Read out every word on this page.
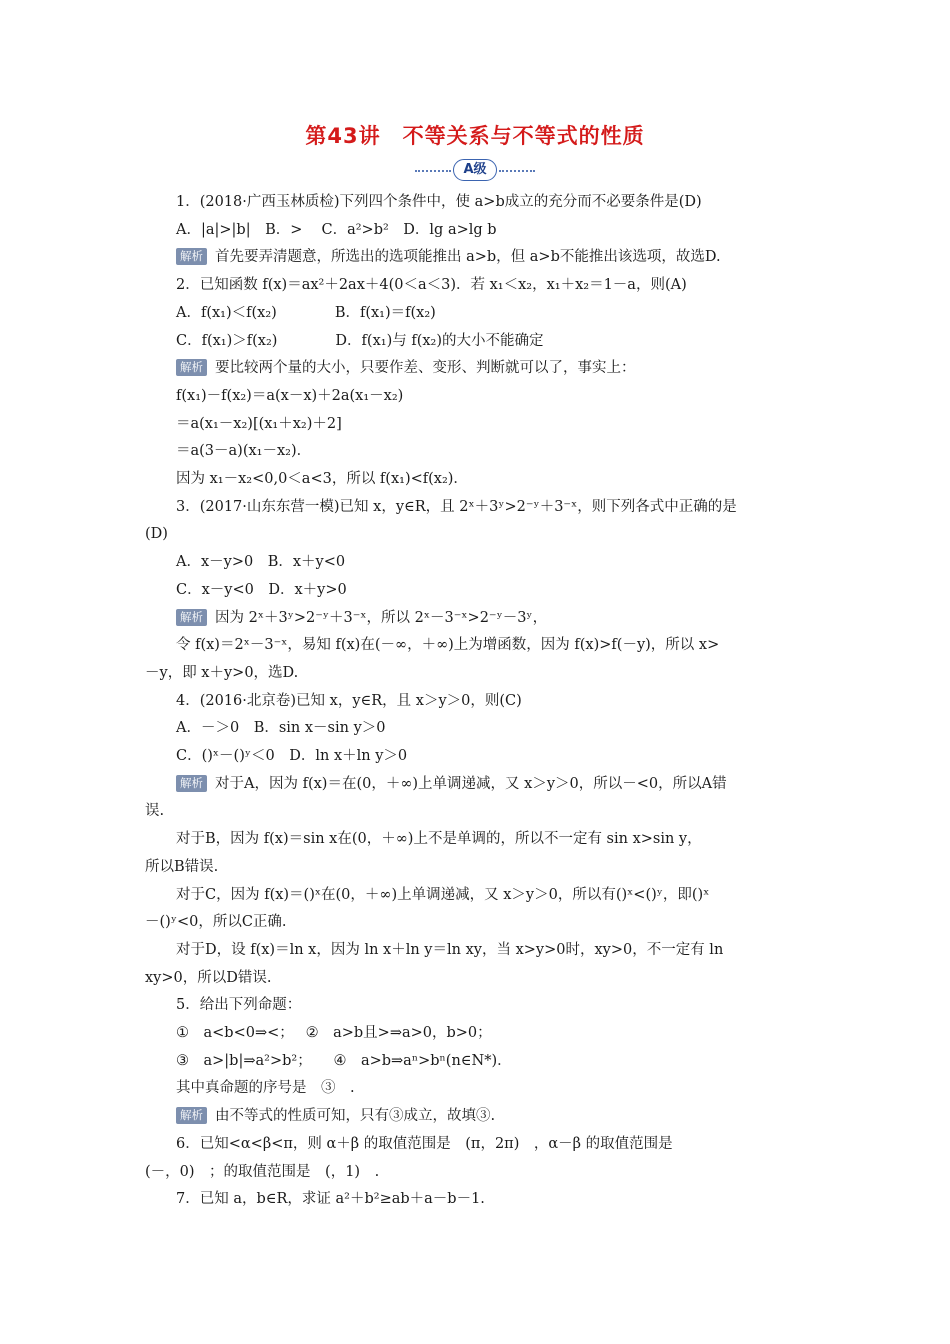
第43讲　不等关系与不等式的性质
A级
1．(2018·广西玉林质检)下列四个条件中，使 a>b成立的充分而不必要条件是(D)
A．|a|>|b|　B．>　 C．a²>b²　D．lg a>lg b
解析 首先要弄清题意，所选出的选项能推出 a>b，但 a>b不能推出该选项，故选D.
2．已知函数 f(x)＝ax²＋2ax＋4(0＜a＜3)．若 x₁＜x₂，x₁＋x₂＝1－a，则(A)
A．f(x₁)＜f(x₂)　　　　B．f(x₁)＝f(x₂)
C．f(x₁)＞f(x₂)　　　　D．f(x₁)与 f(x₂)的大小不能确定
解析 要比较两个量的大小，只要作差、变形、判断就可以了，事实上：
f(x₁)－f(x₂)＝a(x－x)＋2a(x₁－x₂)
＝a(x₁－x₂)[(x₁＋x₂)＋2]
＝a(3－a)(x₁－x₂)．
因为 x₁－x₂<0,0＜a<3，所以 f(x₁)<f(x₂)．
3．(2017·山东东营一模)已知 x，y∈R，且 2ˣ＋3ʸ>2⁻ʸ＋3⁻ˣ，则下列各式中正确的是
(D)
A．x－y>0　B．x＋y<0
C．x－y<0　D．x＋y>0
解析 因为 2ˣ＋3ʸ>2⁻ʸ＋3⁻ˣ，所以 2ˣ－3⁻ˣ>2⁻ʸ－3ʸ，
令 f(x)＝2ˣ－3⁻ˣ，易知 f(x)在(－∞，＋∞)上为增函数，因为 f(x)>f(－y)，所以 x>
－y，即 x＋y>0，选D.
4．(2016·北京卷)已知 x，y∈R，且 x＞y＞0，则(C)
A．－＞0　B．sin x－sin y＞0
C．()ˣ－()ʸ＜0　D．ln x＋ln y＞0
解析 对于A，因为 f(x)＝在(0，＋∞)上单调递减，又 x＞y＞0，所以－<0，所以A错
误.
对于B，因为 f(x)＝sin x在(0，＋∞)上不是单调的，所以不一定有 sin x>sin y，
所以B错误.
对于C，因为 f(x)＝()ˣ在(0，＋∞)上单调递减，又 x＞y＞0，所以有()ˣ<()ʸ，即()ˣ
－()ʸ<0，所以C正确.
对于D，设 f(x)＝ln x，因为 ln x＋ln y＝ln xy，当 x>y>0时，xy>0，不一定有 ln
xy>0，所以D错误.
5．给出下列命题：
①　a<b<0⇒<；　 ②　a>b且>⇒a>0，b>0；
③　a>|b|⇒a²>b²；　　④　a>b⇒aⁿ>bⁿ(n∈N*)．
其中真命题的序号是　③　.
解析 由不等式的性质可知，只有③成立，故填③.
6．已知<α<β<π，则 α＋β 的取值范围是　(π，2π)　，α－β 的取值范围是
(－，0)　；的取值范围是　(，1)　.
7．已知 a，b∈R，求证 a²＋b²≥ab＋a－b－1.
